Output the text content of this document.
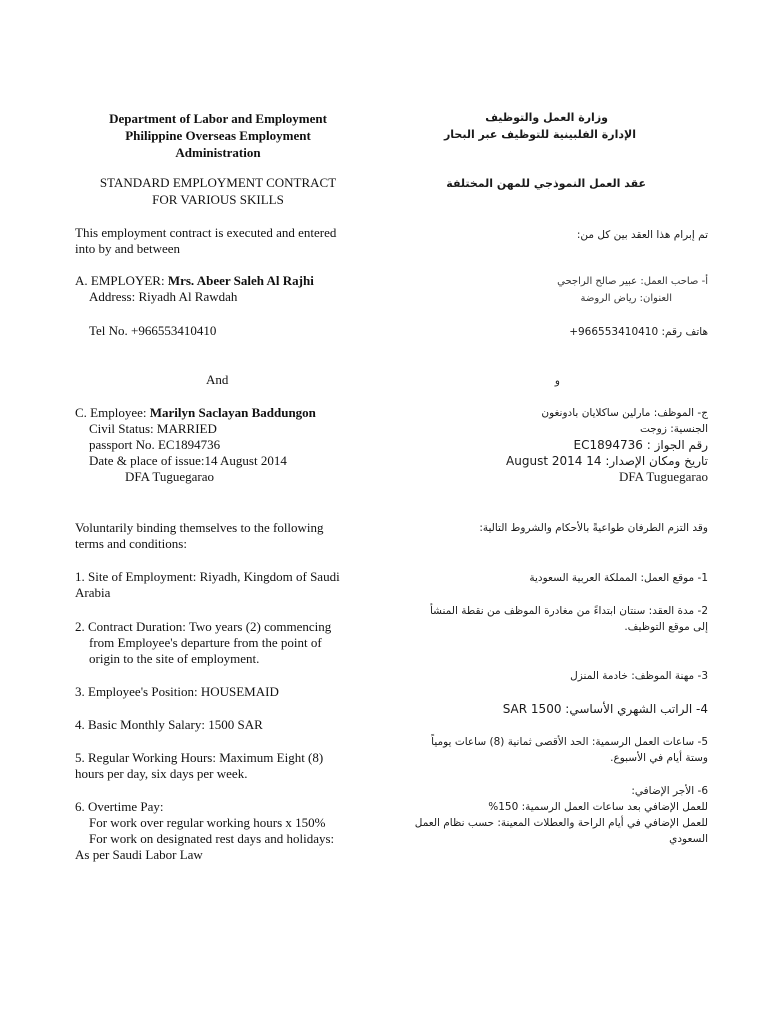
Department of Labor and Employment
Philippine Overseas Employment
Administration
وزارة العمل والتوظيف
الإدارة الفلبينية للتوظيف عبر البحار
STANDARD EMPLOYMENT CONTRACT
FOR VARIOUS SKILLS
عقد العمل النموذجي للمهن المختلفة
This employment contract is executed and entered
into by and between
تم إبرام هذا العقد بين كل من:
A. EMPLOYER: Mrs. Abeer Saleh Al Rajhi
Address: Riyadh Al Rawdah
أ- صاحب العمل: عبير صالح الراجحي
العنوان: رياض الروضة
Tel No. +966553410410	هاتف رقم: 966553410410+
And	و
C. Employee: Marilyn Saclayan Baddungon
Civil Status: MARRIED
passport No. EC1894736
Date & place of issue:14 August 2014
DFA Tuguegarao
ج- الموظف: مارلين ساكلايان بادونغون
الجنسية: زوجت
رقم الجواز : EC1894736
تاريخ ومكان الإصدار: 14 August 2014
DFA Tuguegarao
Voluntarily binding themselves to the following
terms and conditions:
وقد التزم الطرفان طواعيةً بالأحكام والشروط التالية:
1. Site of Employment: Riyadh, Kingdom of Saudi
Arabia
1- موقع العمل: المملكة العربية السعودية
2. Contract Duration: Two years (2) commencing
from Employee's departure from the point of
origin to the site of employment.
2- مدة العقد: سنتان ابتداءً من مغادرة الموظف من نقطة المنشأ
إلى موقع التوظيف.
3. Employee's Position: HOUSEMAID
3- مهنة الموظف: خادمة المنزل
4. Basic Monthly Salary: 1500 SAR
4- الراتب الشهري الأساسي: SAR 1500
5. Regular Working Hours: Maximum Eight (8)
hours per day, six days per week.
5- ساعات العمل الرسمية: الحد الأقصى ثمانية (8) ساعات يومياً
وستة أيام في الأسبوع.
6. Overtime Pay:
For work over regular working hours x 150%
For work on designated rest days and holidays:
As per Saudi Labor Law
6- الأجر الإضافي:
للعمل الإضافي بعد ساعات العمل الرسمية: 150%
للعمل الإضافي في أيام الراحة والعطلات المعينة: حسب نظام العمل
السعودي
